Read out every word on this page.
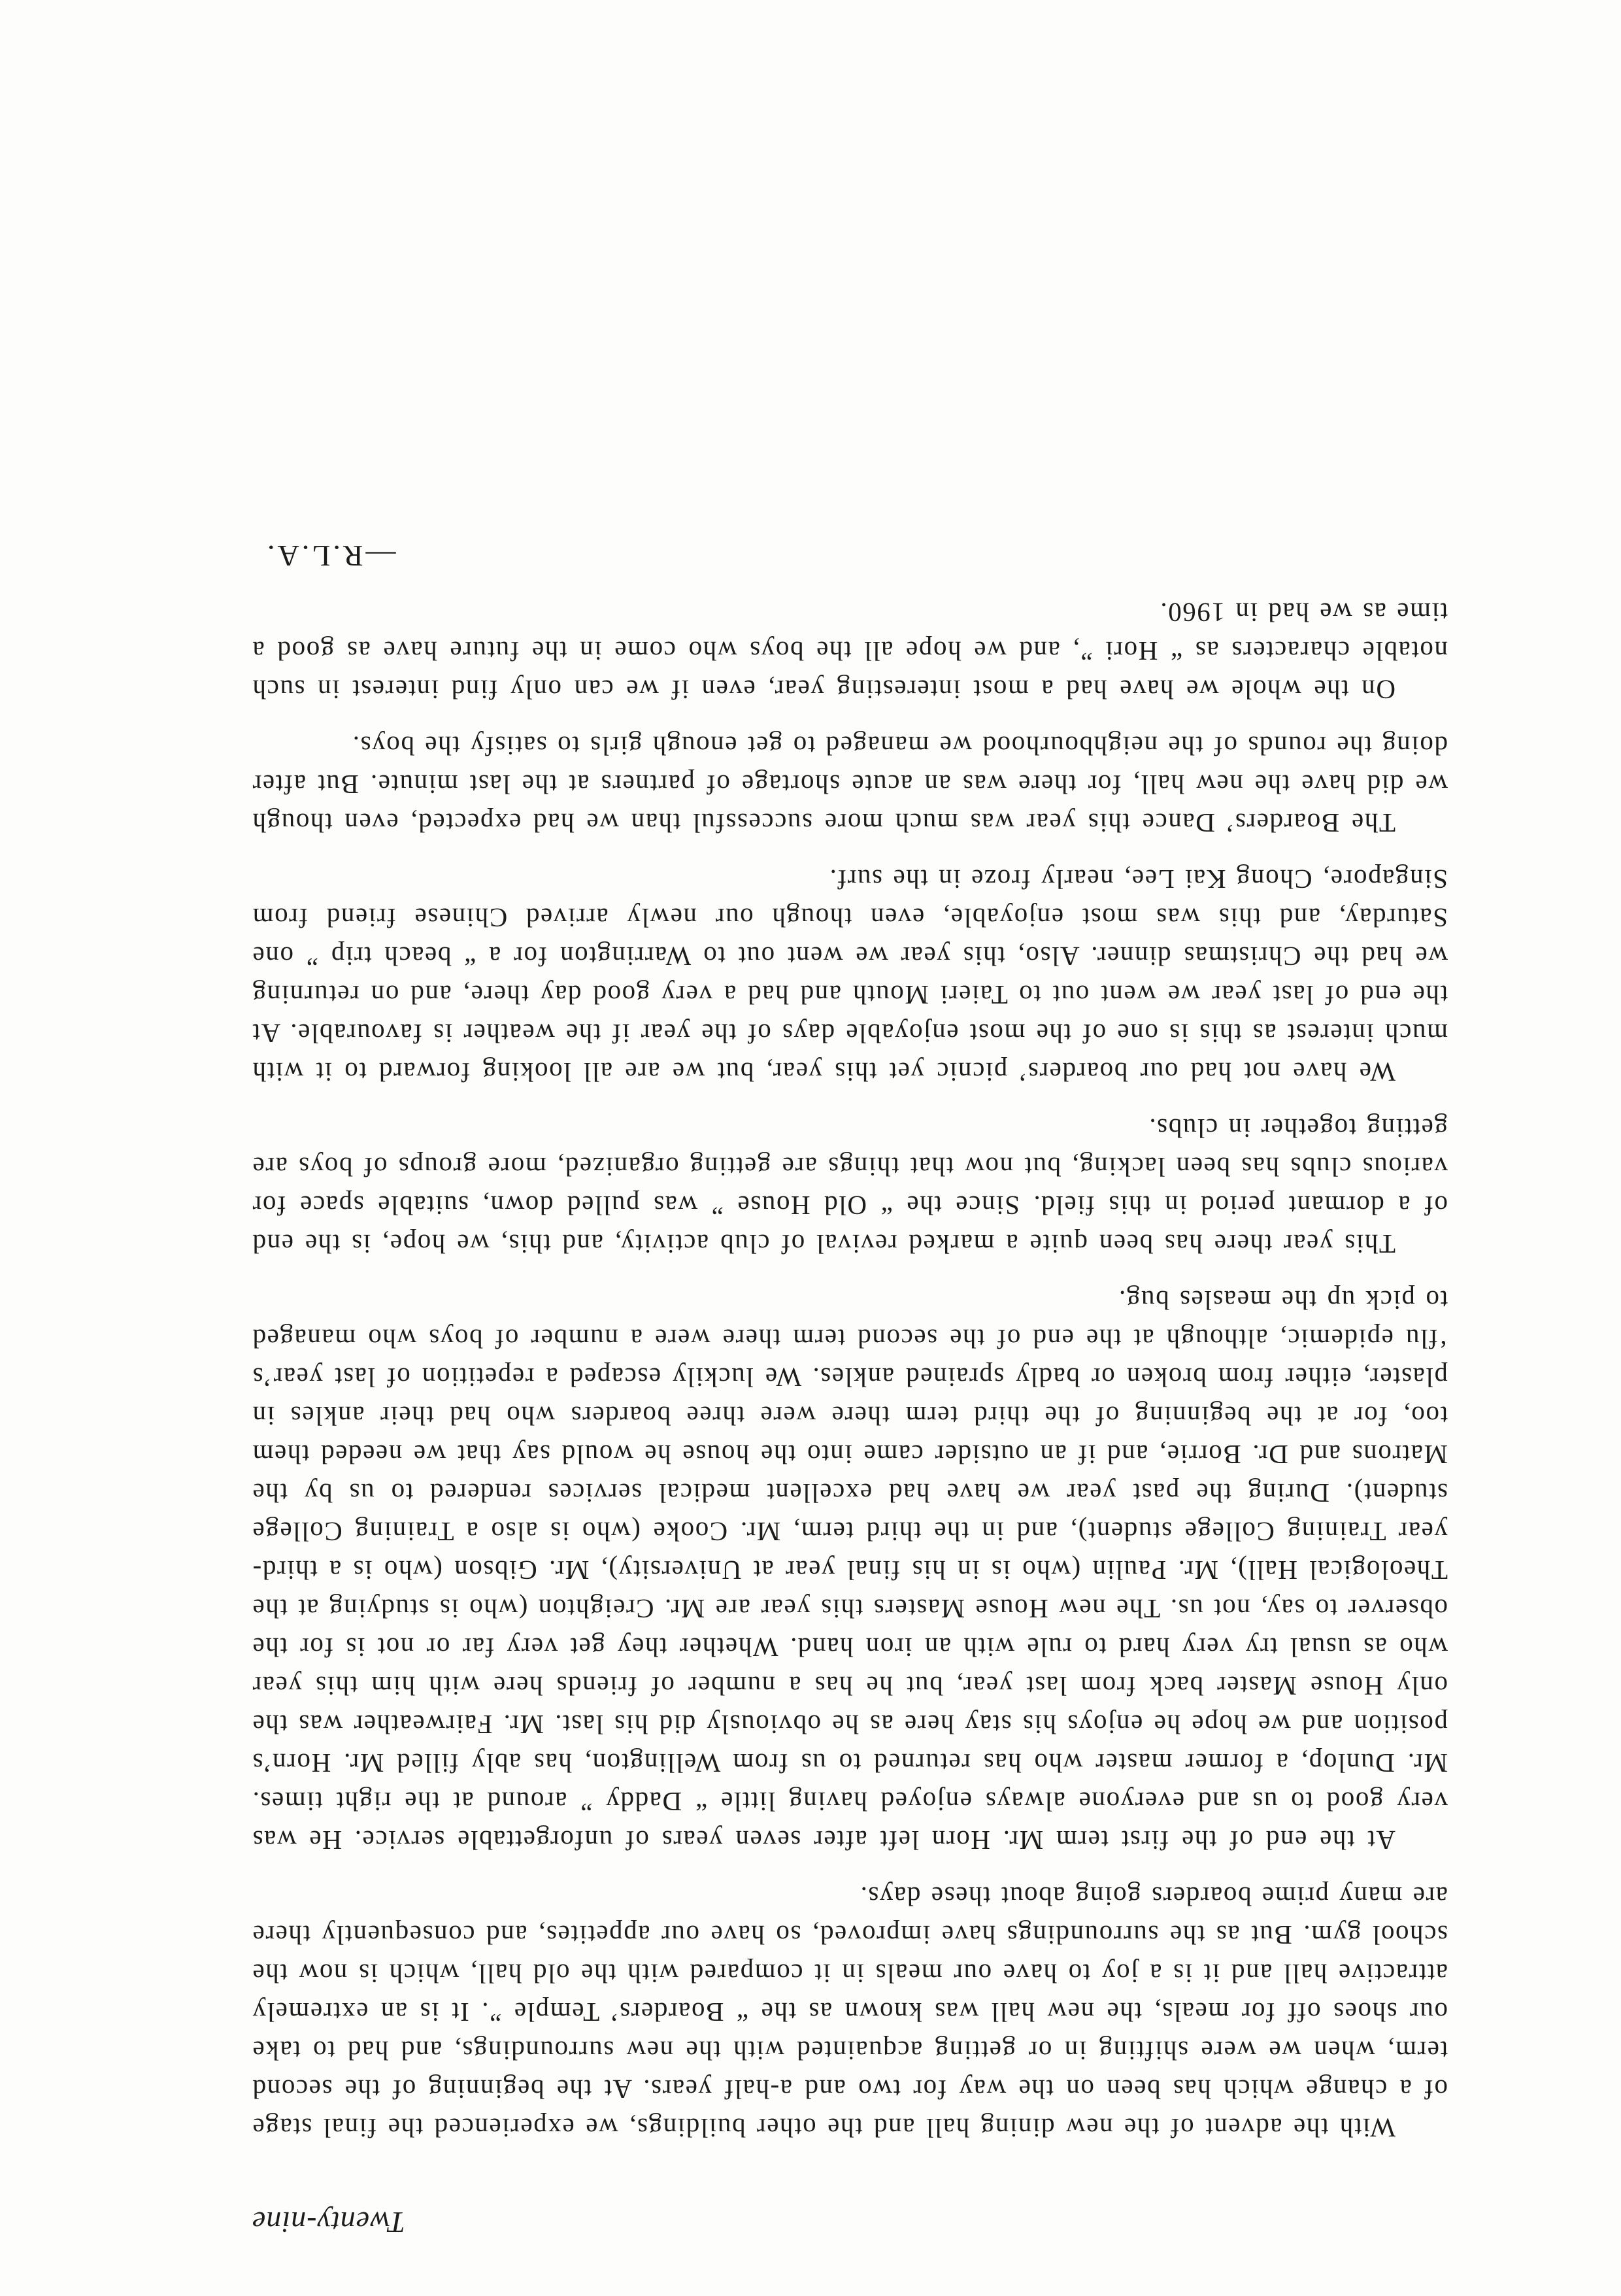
Twenty-nine

With the advent of the new dining hall and the other buildings, we experienced the final stage of a change which has been on the way for two and a-half years. At the beginning of the second term, when we were shifting in or getting acquainted with the new surroundings, and had to take our shoes off for meals, the new hall was known as the “ Boarders’ Temple ”. It is an extremely attractive hall and it is a joy to have our meals in it compared with the old hall, which is now the school gym. But as the surroundings have improved, so have our appetites, and consequently there are many prime boarders going about these days.

At the end of the first term Mr. Horn left after seven years of unforgettable service. He was very good to us and everyone always enjoyed having little “ Daddy ” around at the right times. Mr. Dunlop, a former master who has returned to us from Wellington, has ably filled Mr. Horn’s position and we hope he enjoys his stay here as he obviously did his last. Mr. Fairweather was the only House Master back from last year, but he has a number of friends here with him this year who as usual try very hard to rule with an iron hand. Whether they get very far or not is for the observer to say, not us. The new House Masters this year are Mr. Creighton (who is studying at the Theological Hall), Mr. Paulin (who is in his final year at University), Mr. Gibson (who is a third-year Training College student), and in the third term, Mr. Cooke (who is also a Training College student). During the past year we have had excellent medical services rendered to us by the Matrons and Dr. Borrie, and if an outsider came into the house he would say that we needed them too, for at the beginning of the third term there were three boarders who had their ankles in plaster, either from broken or badly sprained ankles. We luckily escaped a repetition of last year’s ‘flu epidemic, although at the end of the second term there were a number of boys who managed to pick up the measles bug.

This year there has been quite a marked revival of club activity, and this, we hope, is the end of a dormant period in this field. Since the “ Old House ” was pulled down, suitable space for various clubs has been lacking, but now that things are getting organized, more groups of boys are getting together in clubs.

We have not had our boarders’ picnic yet this year, but we are all looking forward to it with much interest as this is one of the most enjoyable days of the year if the weather is favourable. At the end of last year we went out to Taieri Mouth and had a very good day there, and on returning we had the Christmas dinner. Also, this year we went out to Warrington for a “ beach trip ” one Saturday, and this was most enjoyable, even though our newly arrived Chinese friend from Singapore, Chong Kai Lee, nearly froze in the surf.

The Boarders’ Dance this year was much more successful than we had expected, even though we did have the new hall, for there was an acute shortage of partners at the last minute. But after doing the rounds of the neighbourhood we managed to get enough girls to satisfy the boys.

On the whole we have had a most interesting year, even if we can only find interest in such notable characters as “ Hori ”, and we hope all the boys who come in the future have as good a time as we had in 1960.

—R.L.A.
